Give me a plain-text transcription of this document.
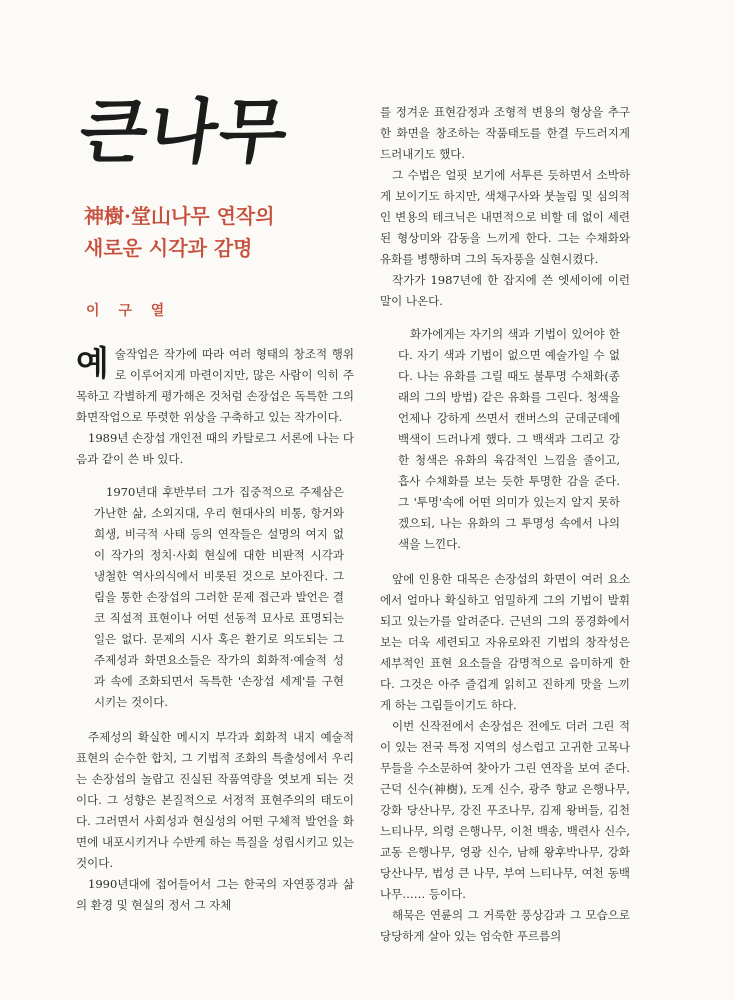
큰나무
神樹·堂山나무 연작의
새로운 시각과 감명
이 구 열

예술작업은 작가에 따라 여러 형태의 창조적 행위로 이루어지게 마련이지만, 많은 사람이 익히 주목하고 각별하게 평가해온 것처럼 손장섭은 독특한 그의 화면작업으로 뚜렷한 위상을 구축하고 있는 작가이다.

1989년 손장섭 개인전 때의 카탈로그 서론에 나는 다음과 같이 쓴 바 있다.

1970년대 후반부터 그가 집중적으로 주제삼은 가난한 삶, 소외지대, 우리 현대사의 비통, 항거와 희생, 비극적 사태 등의 연작들은 설명의 여지 없이 작가의 정치·사회 현실에 대한 비판적 시각과 냉철한 역사의식에서 비롯된 것으로 보아진다. 그림을 통한 손장섭의 그러한 문제 접근과 발언은 결코 직설적 표현이나 어떤 선동적 묘사로 표명되는 일은 없다. 문제의 시사 혹은 환기로 의도되는 그 주제성과 화면요소들은 작가의 회화적·예술적 성과 속에 조화되면서 독특한 '손장섭 세계'를 구현시키는 것이다.

주제성의 확실한 메시지 부각과 회화적 내지 예술적 표현의 순수한 합치, 그 기법적 조화의 특출성에서 우리는 손장섭의 놀랍고 진실된 작품역량을 엿보게 되는 것이다. 그 성향은 본질적으로 서정적 표현주의의 태도이다. 그러면서 사회성과 현실성의 어떤 구체적 발언을 화면에 내포시키거나 수반케 하는 특질을 성립시키고 있는 것이다.

1990년대에 접어들어서 그는 한국의 자연풍경과 삶의 환경 및 현실의 정서 그 자체

를 정겨운 표현감정과 조형적 변용의 형상을 추구한 화면을 창조하는 작품태도를 한결 두드러지게 드러내기도 했다.

그 수법은 얼핏 보기에 서투른 듯하면서 소박하게 보이기도 하지만, 색채구사와 붓놀림 및 심의적인 변용의 테크닉은 내면적으로 비할 데 없이 세련된 형상미와 감동을 느끼게 한다. 그는 수채화와 유화를 병행하며 그의 독자풍을 실현시켰다.

작가가 1987년에 한 잡지에 쓴 엣세이에 이런 말이 나온다.

화가에게는 자기의 색과 기법이 있어야 한다. 자기 색과 기법이 없으면 예술가일 수 없다. 나는 유화를 그릴 때도 불투명 수채화(종래의 그의 방법) 같은 유화를 그린다. 청색을 언제나 강하게 쓰면서 캔버스의 군데군데에 백색이 드러나게 했다. 그 백색과 그리고 강한 청색은 유화의 육감적인 느낌을 줄이고, 흡사 수채화를 보는 듯한 투명한 감을 준다. 그 '투명'속에 어떤 의미가 있는지 알지 못하겠으되, 나는 유화의 그 투명성 속에서 나의 색을 느낀다.

앞에 인용한 대목은 손장섭의 화면이 여러 요소에서 얼마나 확실하고 엄밀하게 그의 기법이 발휘되고 있는가를 알려준다. 근년의 그의 풍경화에서 보는 더욱 세련되고 자유로와진 기법의 창작성은 세부적인 표현 요소들을 감명적으로 음미하게 한다. 그것은 아주 즐겁게 읽히고 진하게 맛을 느끼게 하는 그림들이기도 하다.

이번 신작전에서 손장섭은 전에도 더러 그린 적이 있는 전국 특정 지역의 성스럽고 고귀한 고목나무들을 수소문하여 찾아가 그린 연작을 보여 준다. 근덕 신수(神樹), 도계 신수, 광주 향교 은행나무, 강화 당산나무, 강진 푸조나무, 김제 왕버들, 김천 느티나무, 의령 은행나무, 이천 백송, 백련사 신수, 교동 은행나무, 영광 신수, 남해 왕후박나무, 강화 당산나무, 법성 큰 나무, 부여 느티나무, 여천 동백나무…… 등이다.

해묵은 연륜의 그 거룩한 풍상감과 그 모습으로 당당하게 살아 있는 엄숙한 푸르름의
